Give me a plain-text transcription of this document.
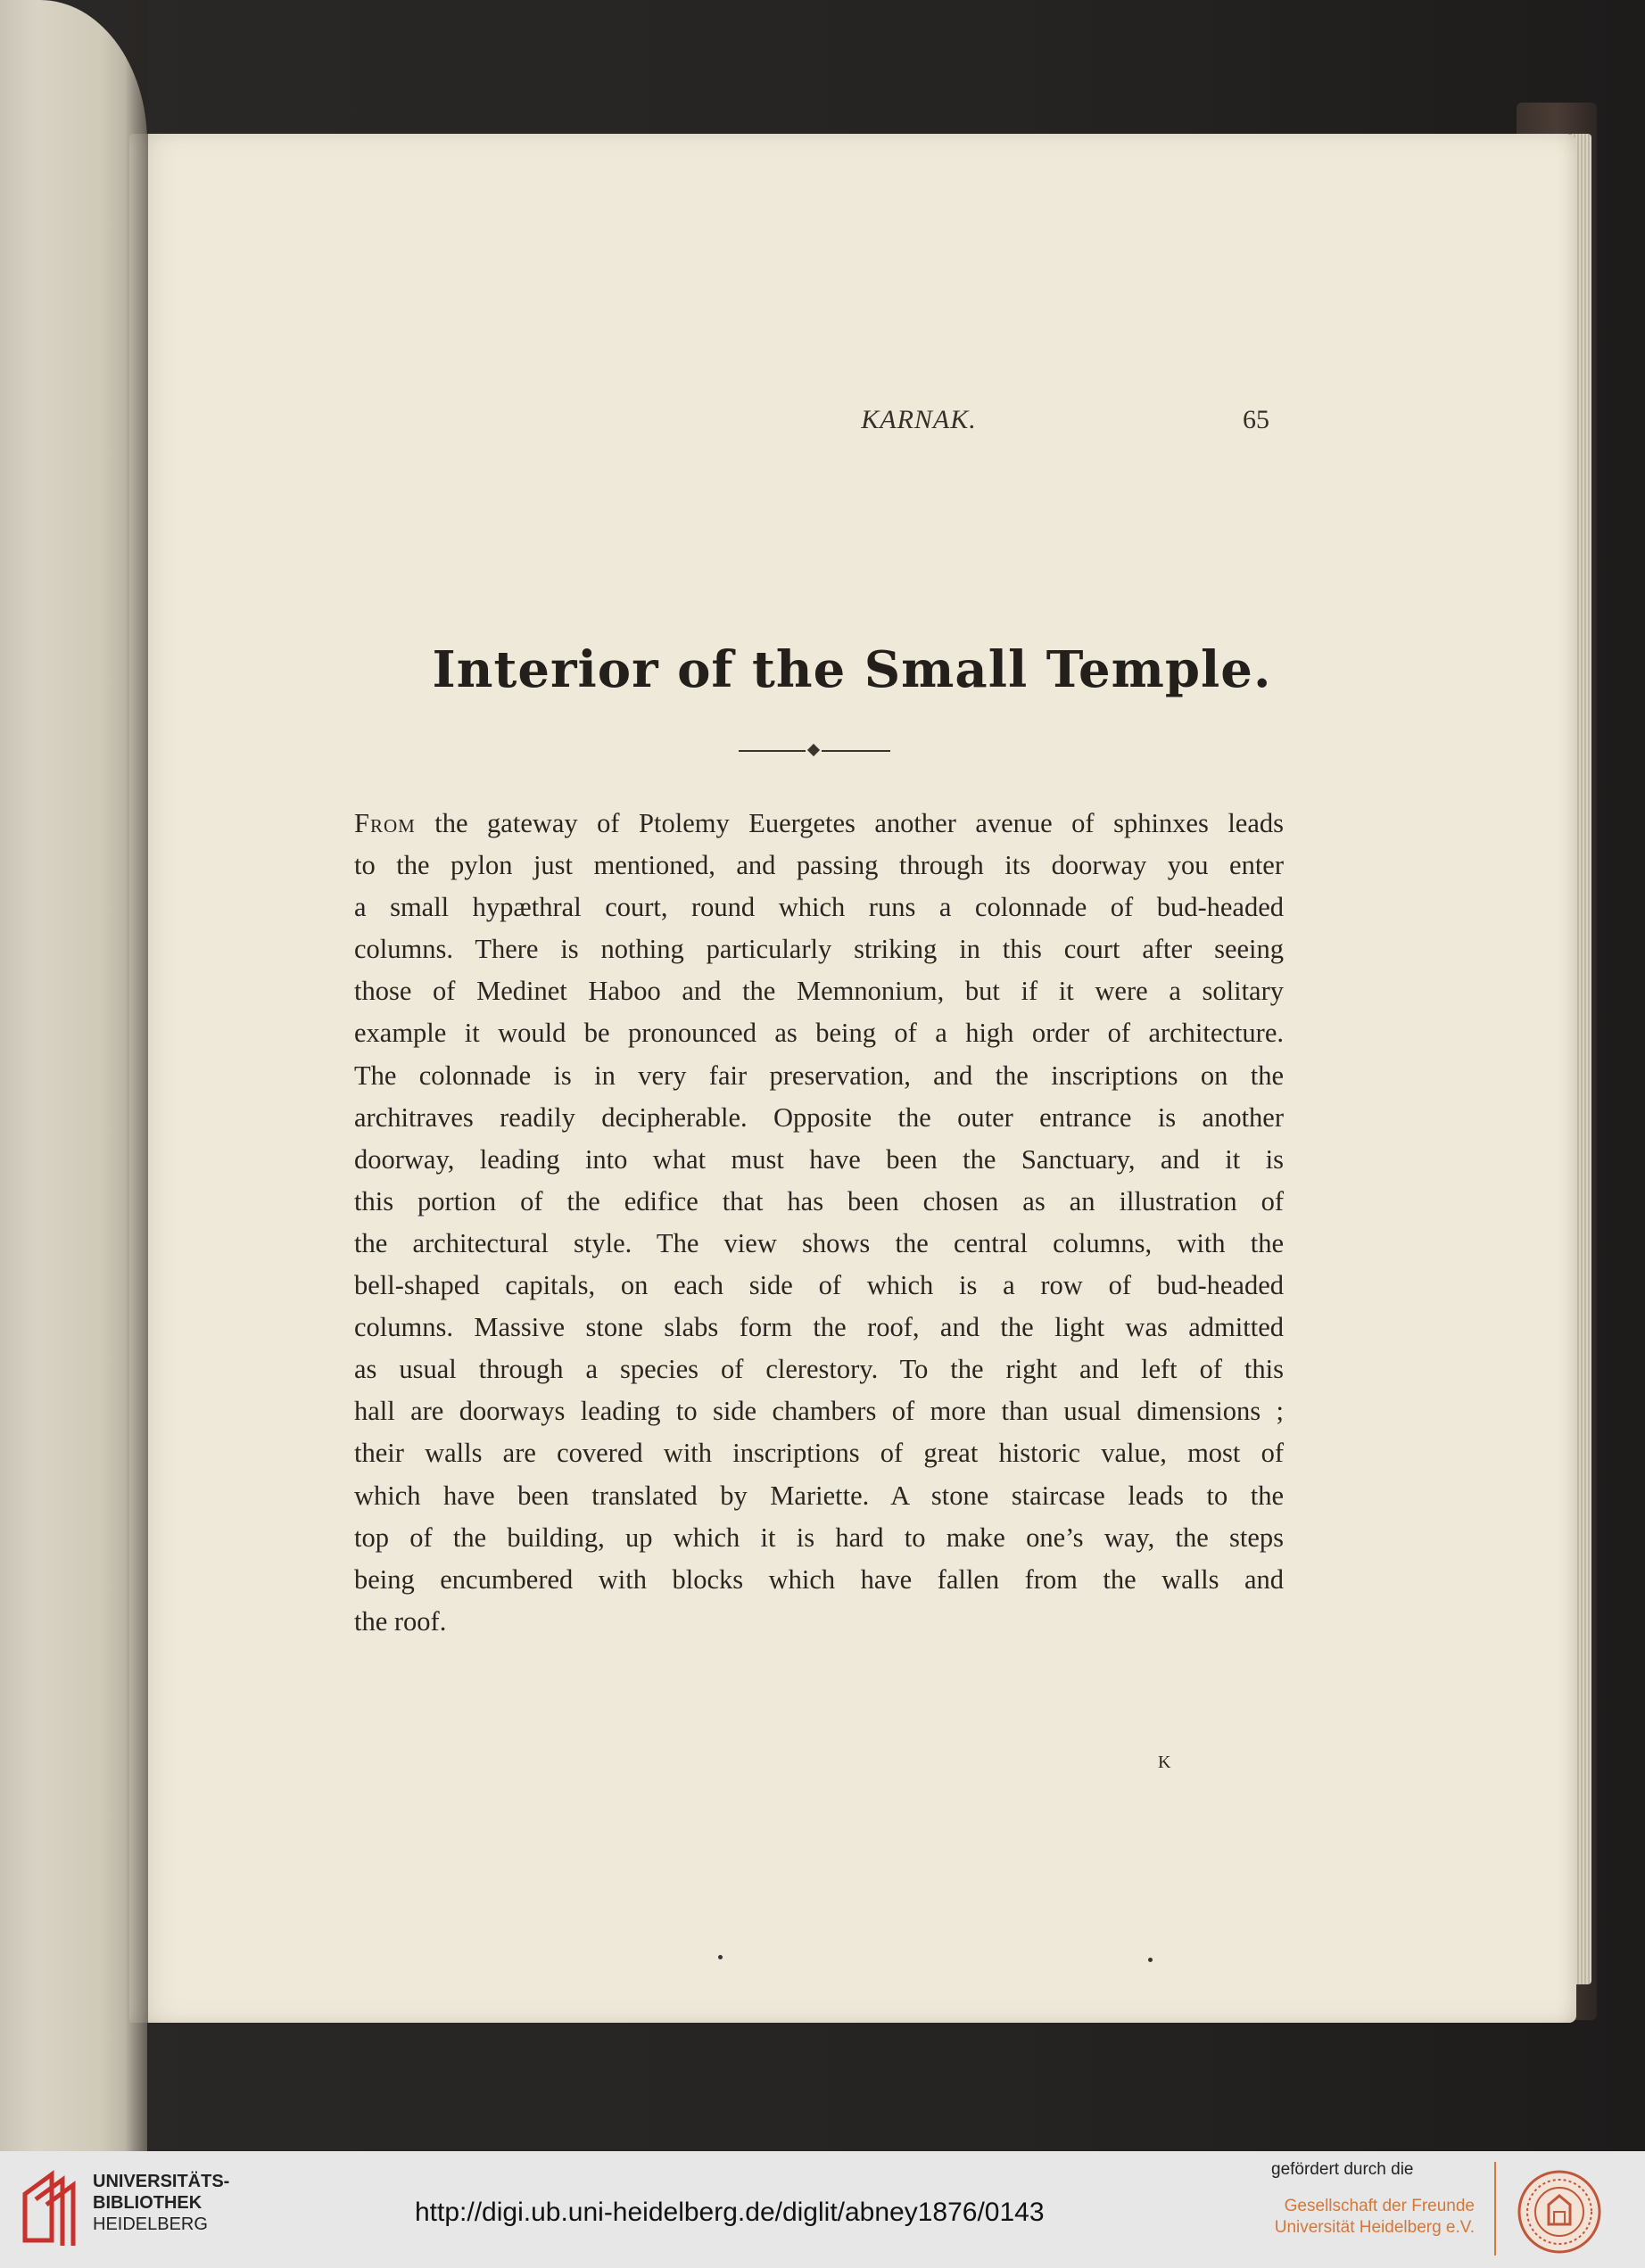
KARNAK.	65
Interior of the Small Temple.
From the gateway of Ptolemy Euergetes another avenue of sphinxes leads
to the pylon just mentioned, and passing through its doorway you enter
a small hypæthral court, round which runs a colonnade of bud-headed
columns. There is nothing particularly striking in this court after seeing
those of Medinet Haboo and the Memnonium, but if it were a solitary
example it would be pronounced as being of a high order of architecture.
The colonnade is in very fair preservation, and the inscriptions on the
architraves readily decipherable. Opposite the outer entrance is another
doorway, leading into what must have been the Sanctuary, and it is
this portion of the edifice that has been chosen as an illustration of
the architectural style. The view shows the central columns, with the
bell-shaped capitals, on each side of which is a row of bud-headed
columns. Massive stone slabs form the roof, and the light was admitted
as usual through a species of clerestory. To the right and left of this
hall are doorways leading to side chambers of more than usual dimensions ;
their walls are covered with inscriptions of great historic value, most of
which have been translated by Mariette. A stone staircase leads to the
top of the building, up which it is hard to make one’s way, the steps
being encumbered with blocks which have fallen from the walls and
the roof.
K
UNIVERSITÄTS-
BIBLIOTHEK
HEIDELBERG	http://digi.ub.uni-heidelberg.de/diglit/abney1876/0143
gefördert durch die
Gesellschaft der Freunde
Universität Heidelberg e.V.
